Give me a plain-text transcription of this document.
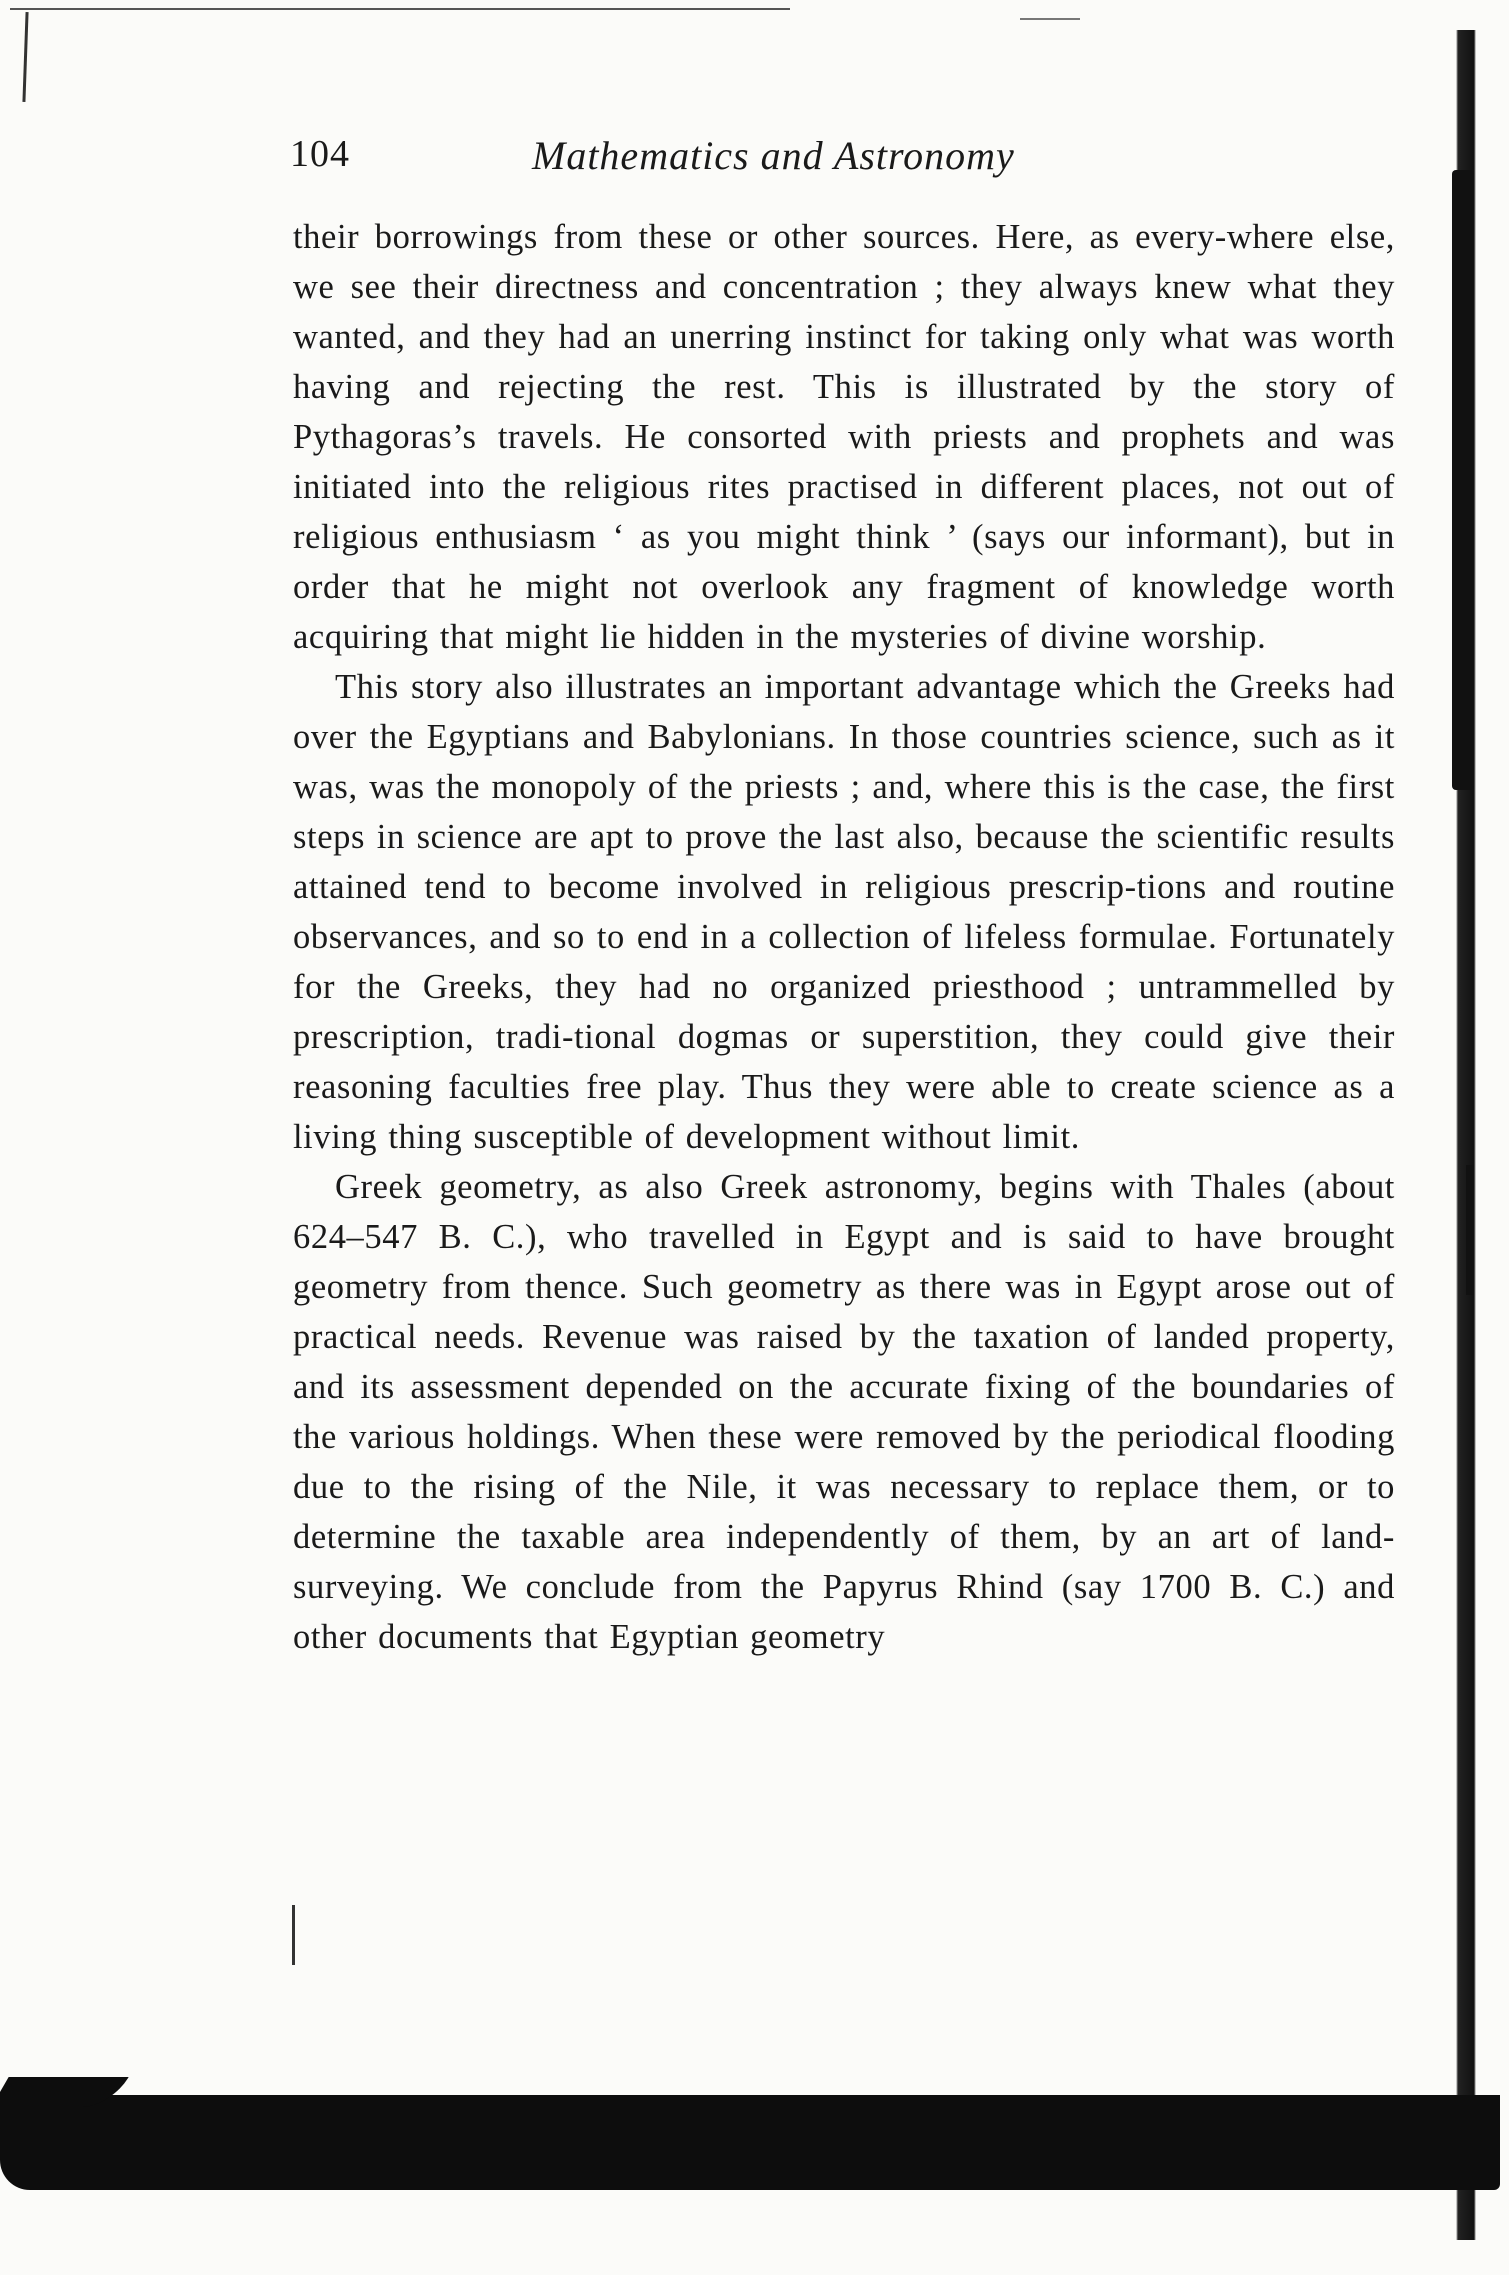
104	Mathematics and Astronomy

their borrowings from these or other sources. Here, as every-where else, we see their directness and concentration ; they always knew what they wanted, and they had an unerring instinct for taking only what was worth having and rejecting the rest. This is illustrated by the story of Pythagoras’s travels. He consorted with priests and prophets and was initiated into the religious rites practised in different places, not out of religious enthusiasm ‘ as you might think ’ (says our informant), but in order that he might not overlook any fragment of knowledge worth acquiring that might lie hidden in the mysteries of divine worship.

This story also illustrates an important advantage which the Greeks had over the Egyptians and Babylonians. In those countries science, such as it was, was the monopoly of the priests ; and, where this is the case, the first steps in science are apt to prove the last also, because the scientific results attained tend to become involved in religious prescrip-tions and routine observances, and so to end in a collection of lifeless formulae. Fortunately for the Greeks, they had no organized priesthood ; untrammelled by prescription, tradi-tional dogmas or superstition, they could give their reasoning faculties free play. Thus they were able to create science as a living thing susceptible of development without limit.

Greek geometry, as also Greek astronomy, begins with Thales (about 624–547 B. C.), who travelled in Egypt and is said to have brought geometry from thence. Such geometry as there was in Egypt arose out of practical needs. Revenue was raised by the taxation of landed property, and its assessment depended on the accurate fixing of the boundaries of the various holdings. When these were removed by the periodical flooding due to the rising of the Nile, it was necessary to replace them, or to determine the taxable area independently of them, by an art of land-surveying. We conclude from the Papyrus Rhind (say 1700 B. C.) and other documents that Egyptian geometry
